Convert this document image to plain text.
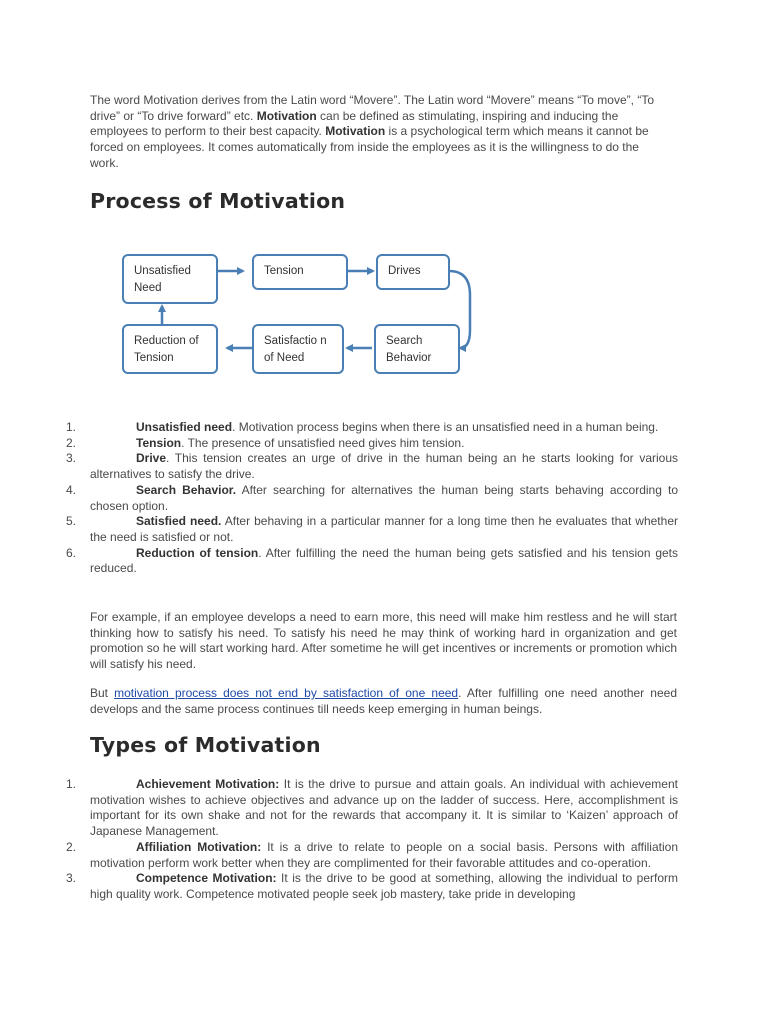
The word Motivation derives from the Latin word “Movere”. The Latin word “Movere” means “To move”, “To drive” or “To drive forward” etc. Motivation can be defined as stimulating, inspiring and inducing the employees to perform to their best capacity. Motivation is a psychological term which means it cannot be forced on employees. It comes automatically from inside the employees as it is the willingness to do the work.
Process of Motivation
Unsatisfied Need
Tension	Drives
Reduction of Tension
Satisfactio n of Need
Search Behavior
1.	Unsatisfied need. Motivation process begins when there is an unsatisfied need in a human being.
2.	Tension. The presence of unsatisfied need gives him tension.
3.	Drive. This tension creates an urge of drive in the human being an he starts looking for various alternatives to satisfy the drive.
4.	Search Behavior. After searching for alternatives the human being starts behaving according to chosen option.
5.	Satisfied need. After behaving in a particular manner for a long time then he evaluates that whether the need is satisfied or not.
6.	Reduction of tension. After fulfilling the need the human being gets satisfied and his tension gets reduced.
For example, if an employee develops a need to earn more, this need will make him restless and he will start thinking how to satisfy his need. To satisfy his need he may think of working hard in organization and get promotion so he will start working hard. After sometime he will get incentives or increments or promotion which will satisfy his need.
But motivation process does not end by satisfaction of one need. After fulfilling one need another need develops and the same process continues till needs keep emerging in human beings.
Types of Motivation
1.	Achievement Motivation: It is the drive to pursue and attain goals. An individual with achievement motivation wishes to achieve objectives and advance up on the ladder of success. Here, accomplishment is important for its own shake and not for the rewards that accompany it. It is similar to ‘Kaizen’ approach of Japanese Management.
2.	Affiliation Motivation: It is a drive to relate to people on a social basis. Persons with affiliation motivation perform work better when they are complimented for their favorable attitudes and co-operation.
3.	Competence Motivation: It is the drive to be good at something, allowing the individual to perform high quality work. Competence motivated people seek job mastery, take pride in developing
